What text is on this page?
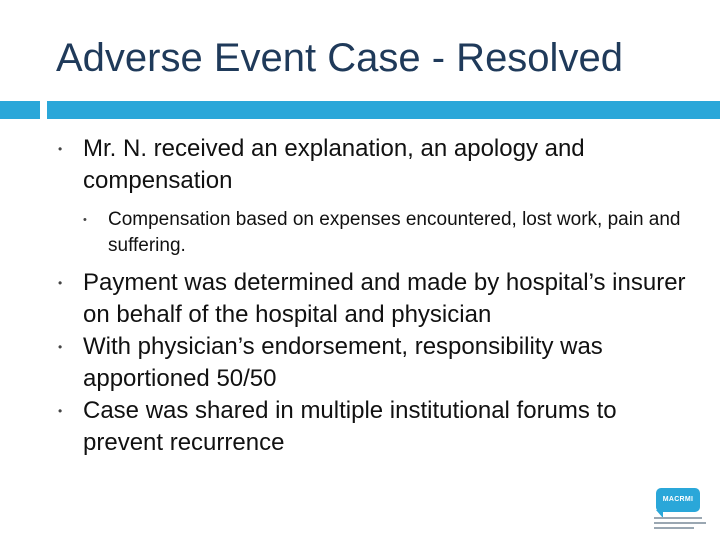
Adverse Event Case - Resolved
• Mr. N. received an explanation, an apology and compensation
• Compensation based on expenses encountered, lost work, pain and suffering.
• Payment was determined and made by hospital’s insurer on behalf of the hospital and physician
• With physician’s endorsement, responsibility was apportioned 50/50
• Case was shared in multiple institutional forums to prevent recurrence
MACRMI
